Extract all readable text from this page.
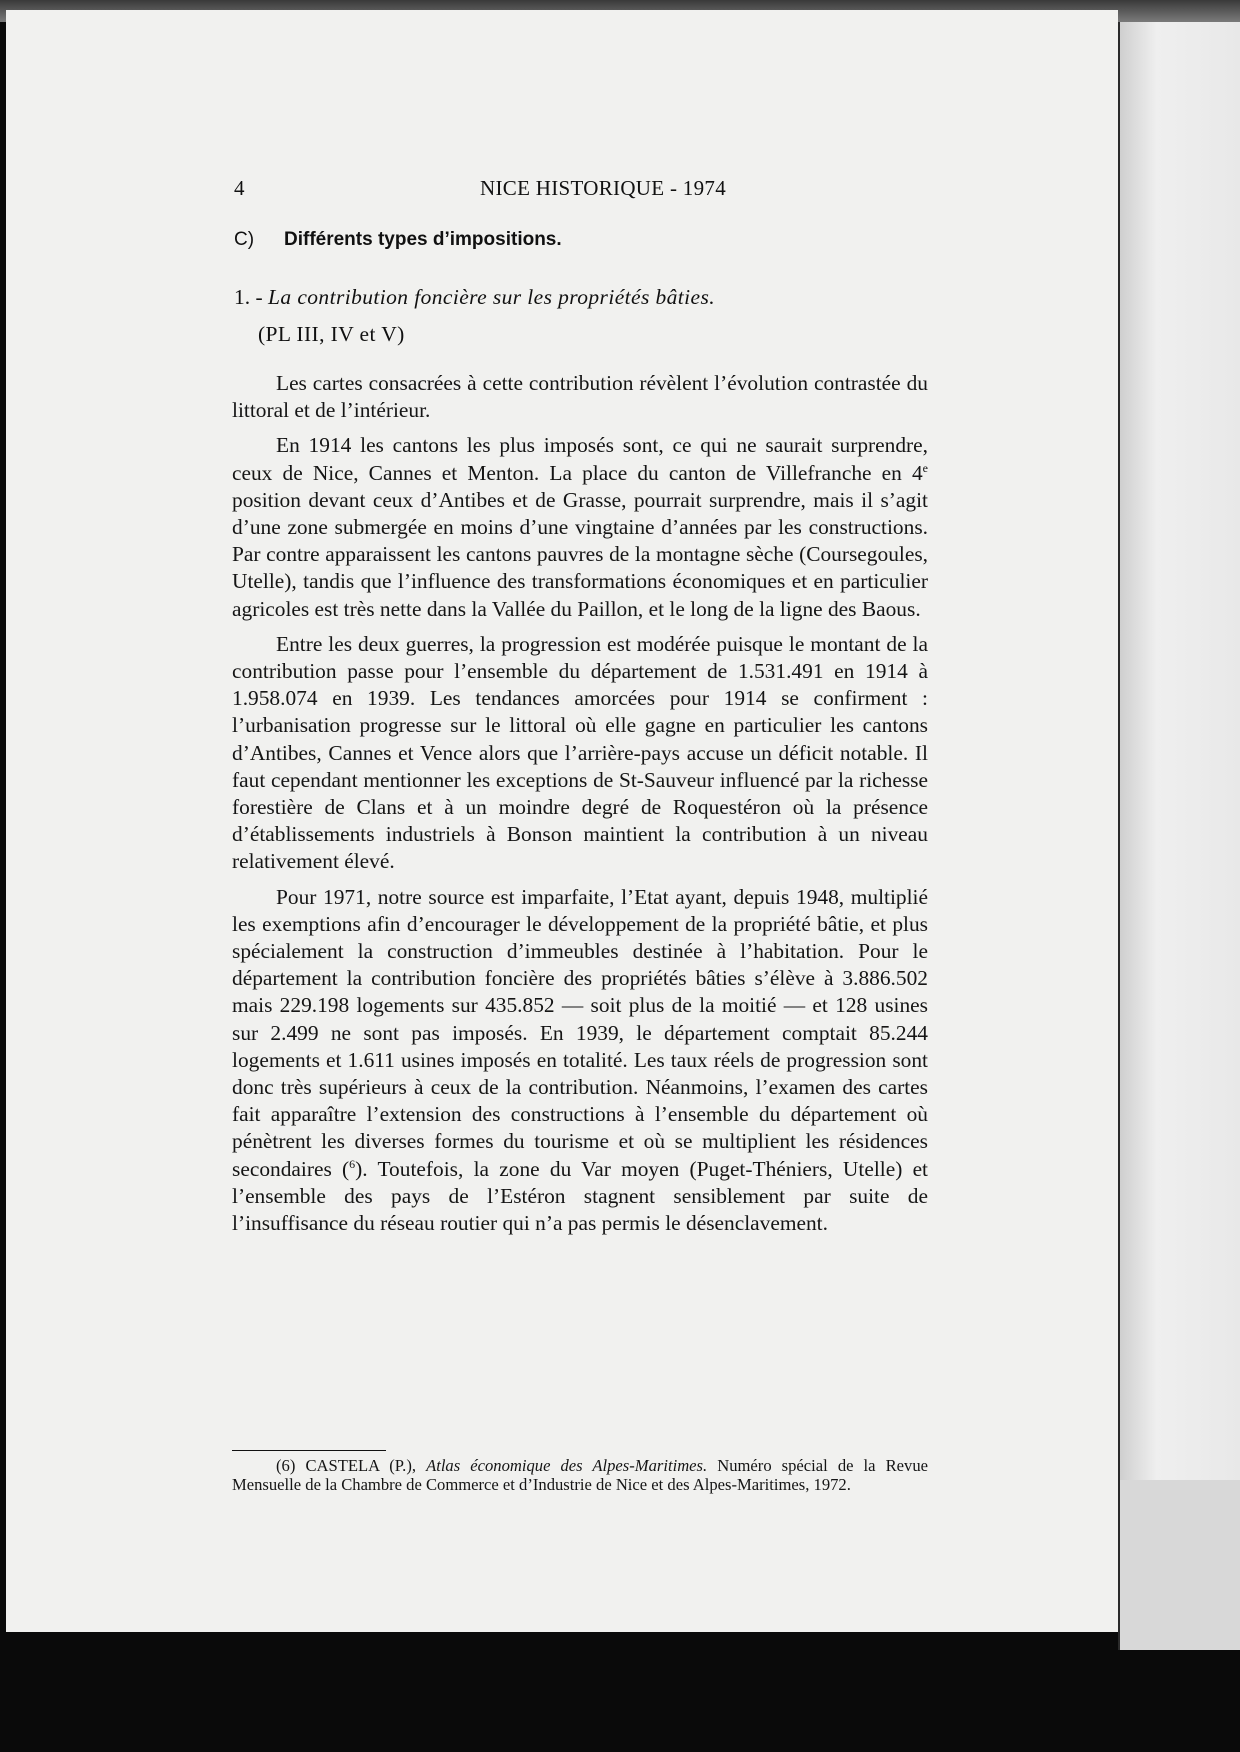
4	NICE HISTORIQUE - 1974
C) Différents types d’impositions.
1. - La contribution foncière sur les propriétés bâties.
(PL III, IV et V)

Les cartes consacrées à cette contribution révèlent l’évolution contrastée du littoral et de l’intérieur.

En 1914 les cantons les plus imposés sont, ce qui ne saurait surprendre, ceux de Nice, Cannes et Menton. La place du canton de Villefranche en 4e position devant ceux d’Antibes et de Grasse, pourrait surprendre, mais il s’agit d’une zone submergée en moins d’une vingtaine d’années par les constructions. Par contre apparaissent les cantons pauvres de la montagne sèche (Coursegoules, Utelle), tandis que l’influence des transformations économiques et en particulier agricoles est très nette dans la Vallée du Paillon, et le long de la ligne des Baous.

Entre les deux guerres, la progression est modérée puisque le montant de la contribution passe pour l’ensemble du département de 1.531.491 en 1914 à 1.958.074 en 1939. Les tendances amorcées pour 1914 se confirment : l’urbanisation progresse sur le littoral où elle gagne en particulier les cantons d’Antibes, Cannes et Vence alors que l’arrière-pays accuse un déficit notable. Il faut cependant mentionner les exceptions de St-Sauveur influencé par la richesse forestière de Clans et à un moindre degré de Roquestéron où la présence d’établissements industriels à Bonson maintient la contribution à un niveau relativement élevé.

Pour 1971, notre source est imparfaite, l’Etat ayant, depuis 1948, multiplié les exemptions afin d’encourager le développement de la propriété bâtie, et plus spécialement la construction d’immeubles destinée à l’habitation. Pour le département la contribution foncière des propriétés bâties s’élève à 3.886.502 mais 229.198 logements sur 435.852 — soit plus de la moitié — et 128 usines sur 2.499 ne sont pas imposés. En 1939, le département comptait 85.244 logements et 1.611 usines imposés en totalité. Les taux réels de progression sont donc très supérieurs à ceux de la contribution. Néanmoins, l’examen des cartes fait apparaître l’extension des constructions à l’ensemble du département où pénètrent les diverses formes du tourisme et où se multiplient les résidences secondaires ($^6$). Toutefois, la zone du Var moyen (Puget-Théniers, Utelle) et l’ensemble des pays de l’Estéron stagnent sensiblement par suite de l’insuffisance du réseau routier qui n’a pas permis le désenclavement.

(6) CASTELA (P.), Atlas économique des Alpes-Maritimes. Numéro spécial de la Revue Mensuelle de la Chambre de Commerce et d’Industrie de Nice et des Alpes-Maritimes, 1972.
